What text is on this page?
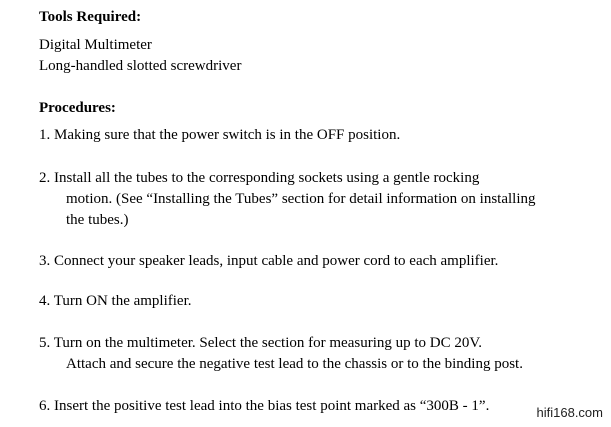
Tools Required:

Digital Multimeter

Long-handled slotted screwdriver

Procedures:

1. Making sure that the power switch is in the OFF position.
2. Install all the tubes to the corresponding sockets using a gentle rocking
motion. (See “Installing the Tubes” section for detail information on installing
the tubes.)
3. Connect your speaker leads, input cable and power cord to each amplifier.
4. Turn ON the amplifier.
5. Turn on the multimeter. Select the section for measuring up to DC 20V.
Attach and secure the negative test lead to the chassis or to the binding post.
6. Insert the positive test lead into the bias test point marked as “300B - 1”.	hifi168.com
